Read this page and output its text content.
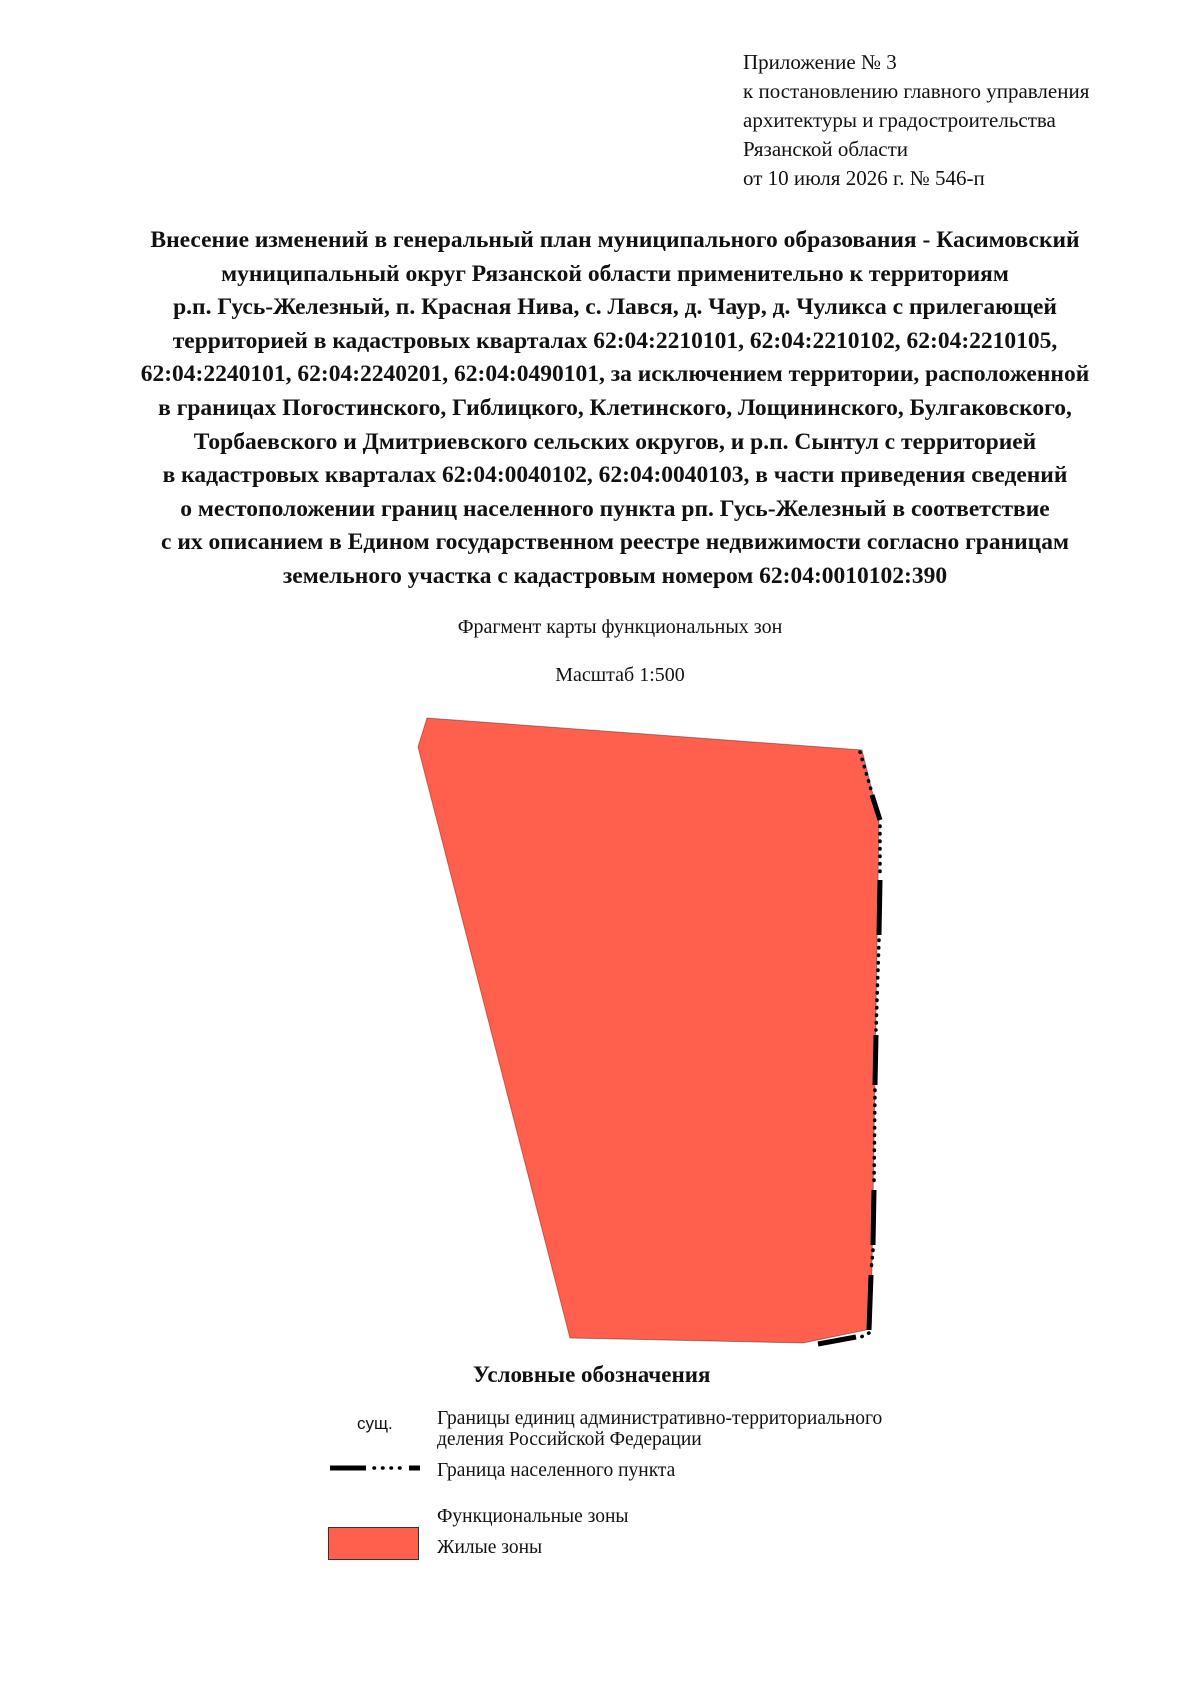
Приложение № 3
к постановлению главного управления
архитектуры и градостроительства
Рязанской области
от 10 июля 2026 г. № 546-п
Внесение изменений в генеральный план муниципального образования - Касимовский
муниципальный округ Рязанской области применительно к территориям
р.п. Гусь-Железный, п. Красная Нива, с. Лався, д. Чаур, д. Чуликса с прилегающей
территорией в кадастровых кварталах 62:04:2210101, 62:04:2210102, 62:04:2210105,
62:04:2240101, 62:04:2240201, 62:04:0490101, за исключением территории, расположенной
в границах Погостинского, Гиблицкого, Клетинского, Лощининского, Булгаковского,
Торбаевского и Дмитриевского сельских округов, и р.п. Сынтул с территорией
в кадастровых кварталах 62:04:0040102, 62:04:0040103, в части приведения сведений
о местоположении границ населенного пункта рп. Гусь-Железный в соответствие
с их описанием в Едином государственном реестре недвижимости согласно границам
земельного участка с кадастровым номером 62:04:0010102:390
Фрагмент карты функциональных зон
Масштаб 1:500
Условные обозначения
сущ. Границы единиц административно-территориального
деления Российской Федерации
Граница населенного пункта
Функциональные зоны
Жилые зоны
